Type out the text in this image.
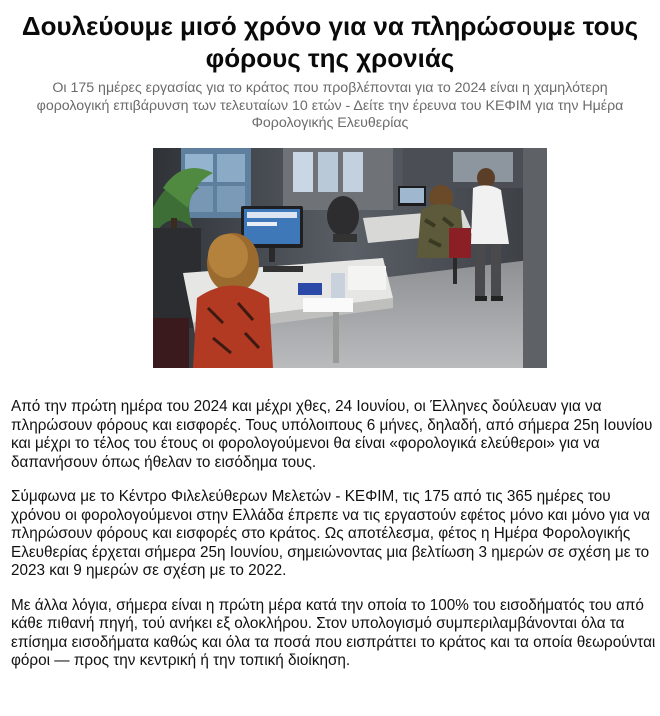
Δουλεύουμε μισό χρόνο για να πληρώσουμε τους φόρους της χρονιάς

Οι 175 ημέρες εργασίας για το κράτος που προβλέπονται για το 2024 είναι η χαμηλότερη φορολογική επιβάρυνση των τελευταίων 10 ετών - Δείτε την έρευνα του ΚΕΦΙΜ για την Ημέρα Φορολογικής Ελευθερίας

Από την πρώτη ημέρα του 2024 και μέχρι χθες, 24 Ιουνίου, οι Έλληνες δούλευαν για να πληρώσουν φόρους και εισφορές. Τους υπόλοιπους 6 μήνες, δηλαδή, από σήμερα 25η Ιουνίου και μέχρι το τέλος του έτους οι φορολογούμενοι θα είναι «φορολογικά ελεύθεροι» για να δαπανήσουν όπως ήθελαν το εισόδημα τους.

Σύμφωνα με το Κέντρο Φιλελεύθερων Μελετών - ΚΕΦΙΜ, τις 175 από τις 365 ημέρες του χρόνου οι φορολογούμενοι στην Ελλάδα έπρεπε να τις εργαστούν εφέτος μόνο και μόνο για να πληρώσουν φόρους και εισφορές στο κράτος. Ως αποτέλεσμα, φέτος η Ημέρα Φορολογικής Ελευθερίας έρχεται σήμερα 25η Ιουνίου, σημειώνοντας μια βελτίωση 3 ημερών σε σχέση με το 2023 και 9 ημερών σε σχέση με το 2022.

Με άλλα λόγια, σήμερα είναι η πρώτη μέρα κατά την οποία το 100% του εισοδήματός του από κάθε πιθανή πηγή, τού ανήκει εξ ολοκλήρου. Στον υπολογισμό συμπεριλαμβάνονται όλα τα επίσημα εισοδήματα καθώς και όλα τα ποσά που εισπράττει το κράτος και τα οποία θεωρούνται φόροι — προς την κεντρική ή την τοπική διοίκηση.
